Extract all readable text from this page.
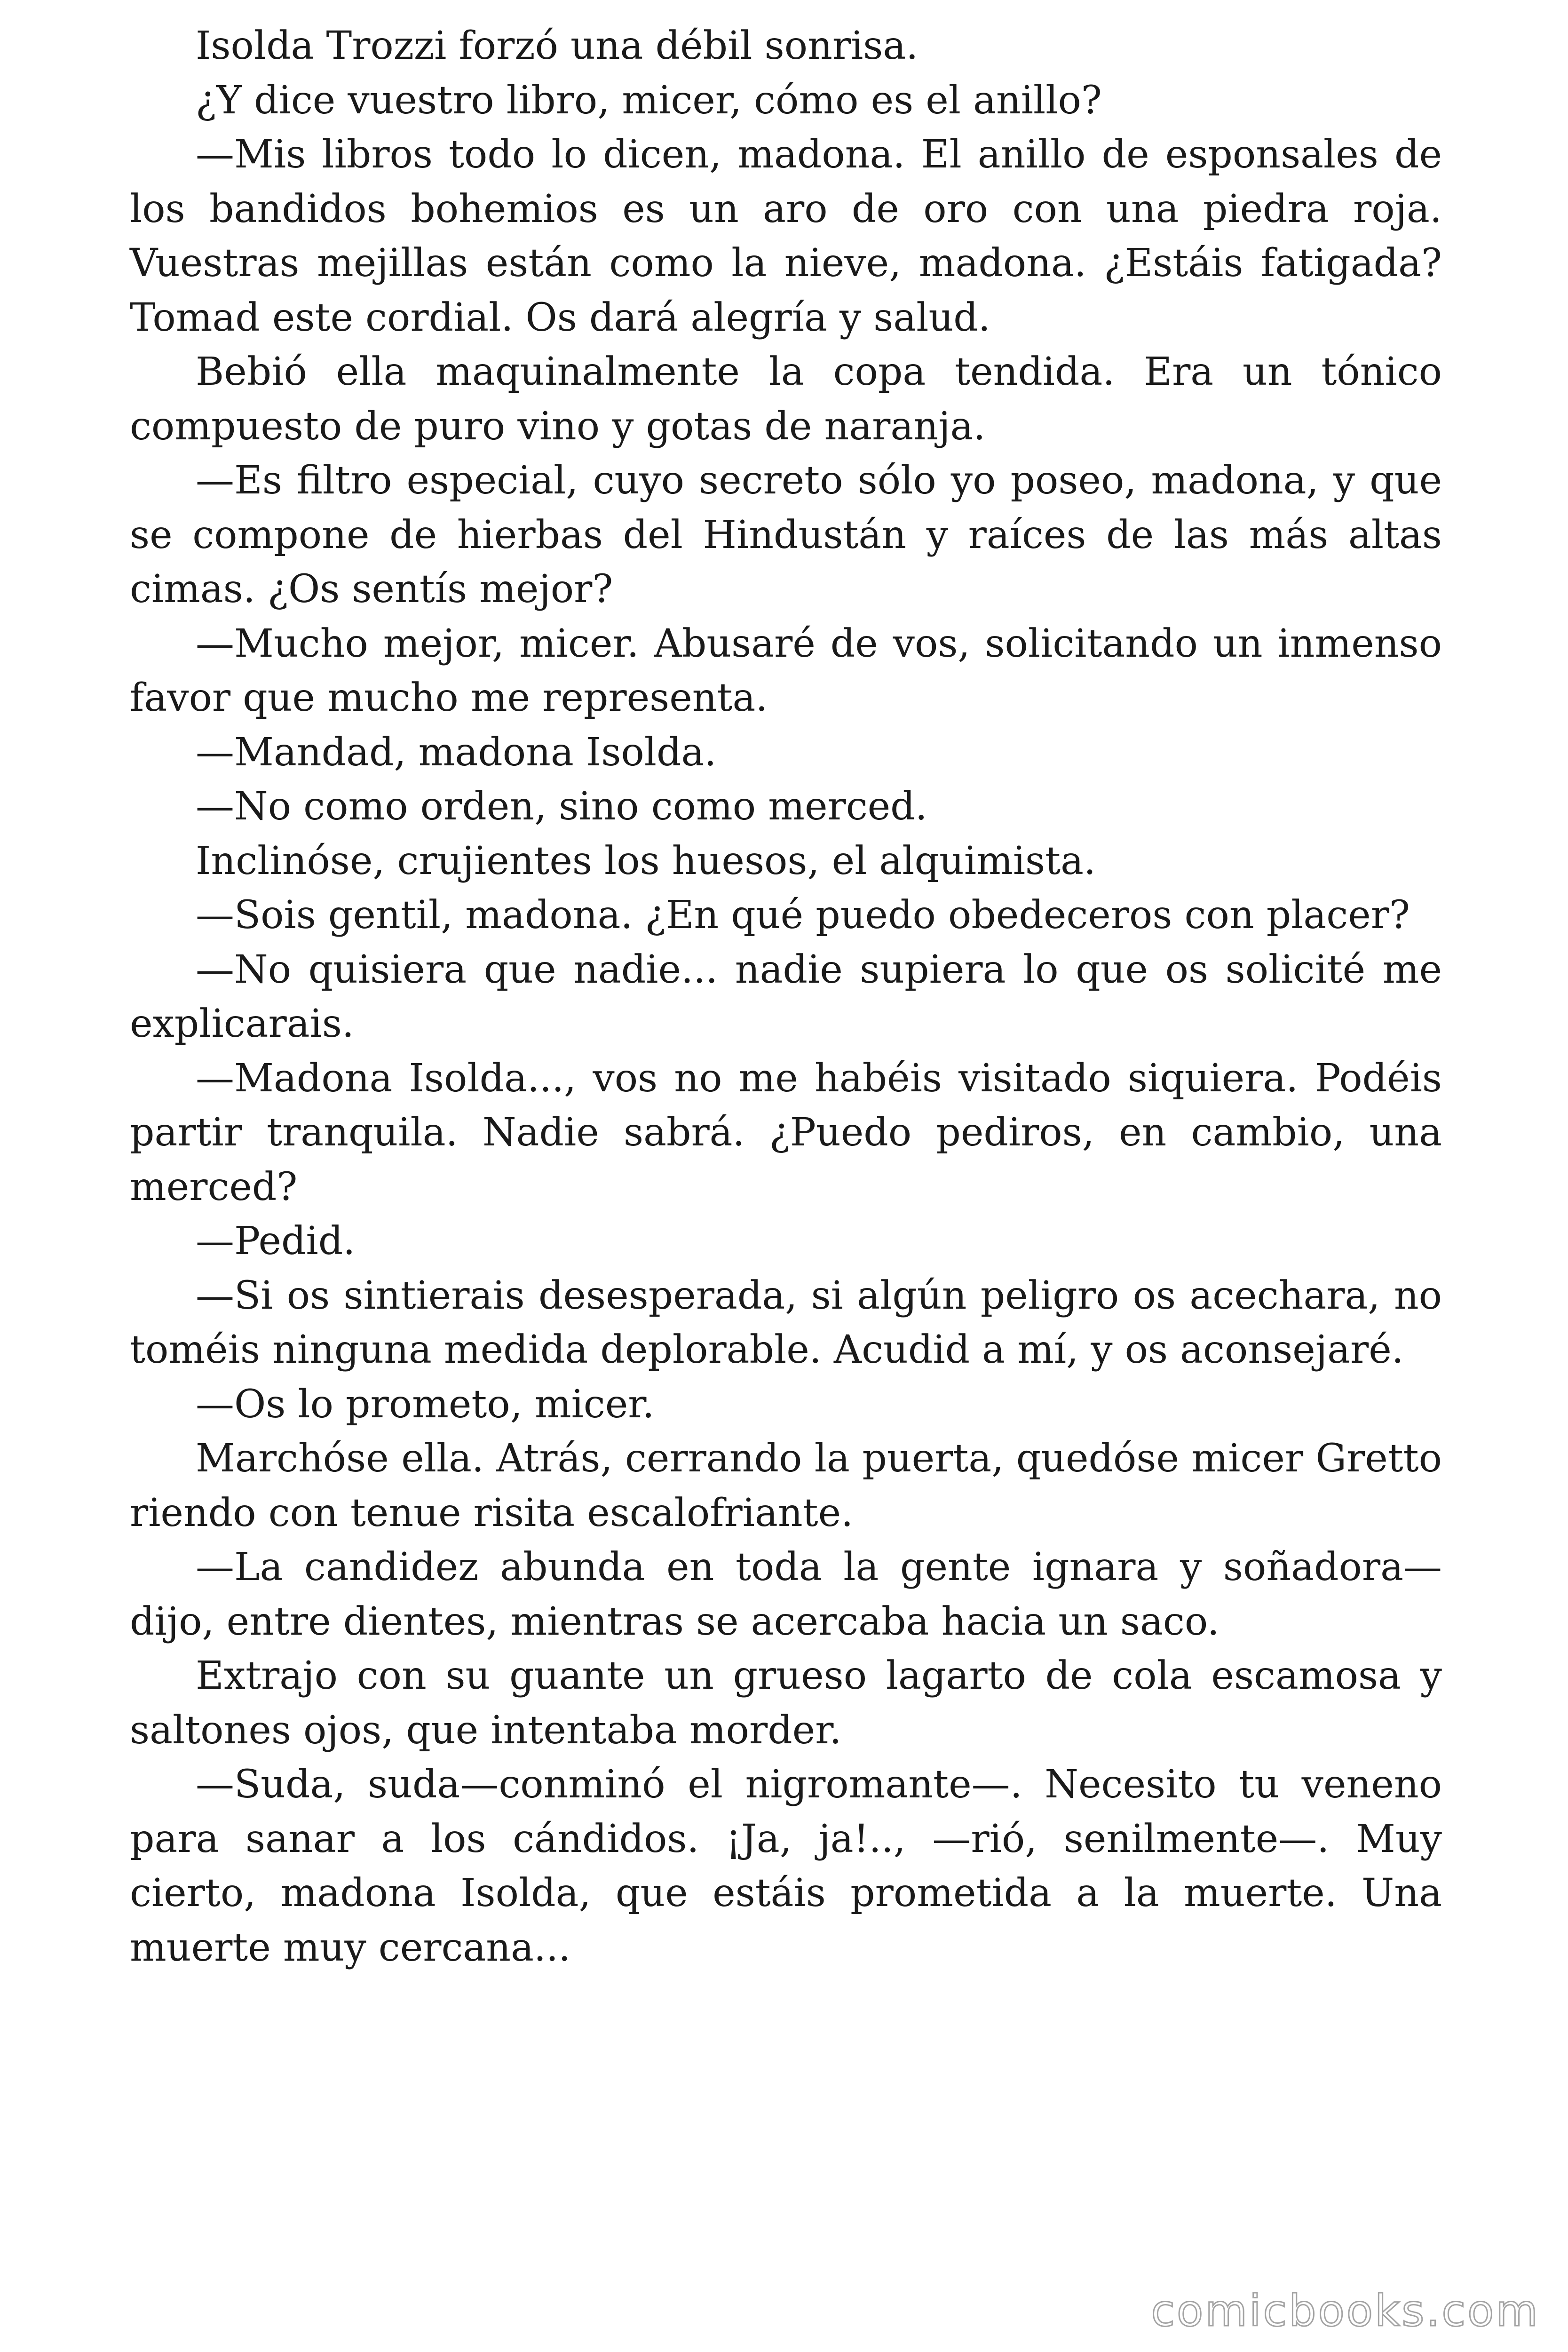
Isolda Trozzi forzó una débil sonrisa.

¿Y dice vuestro libro, micer, cómo es el anillo?

—Mis libros todo lo dicen, madona. El anillo de esponsales de los bandidos bohemios es un aro de oro con una piedra roja. Vuestras mejillas están como la nieve, madona. ¿Estáis fatigada? Tomad este cordial. Os dará alegría y salud.

Bebió ella maquinalmente la copa tendida. Era un tónico compuesto de puro vino y gotas de naranja.

—Es filtro especial, cuyo secreto sólo yo poseo, madona, y que se compone de hierbas del Hindustán y raíces de las más altas cimas. ¿Os sentís mejor?

—Mucho mejor, micer. Abusaré de vos, solicitando un inmenso favor que mucho me representa.

—Mandad, madona Isolda.

—No como orden, sino como merced.

Inclinóse, crujientes los huesos, el alquimista.

—Sois gentil, madona. ¿En qué puedo obedeceros con placer?

—No quisiera que nadie... nadie supiera lo que os solicité me explicarais.

—Madona Isolda..., vos no me habéis visitado siquiera. Podéis partir tranquila. Nadie sabrá. ¿Puedo pediros, en cambio, una merced?

—Pedid.

—Si os sintierais desesperada, si algún peligro os acechara, no toméis ninguna medida deplorable. Acudid a mí, y os aconsejaré.

—Os lo prometo, micer.

Marchóse ella. Atrás, cerrando la puerta, quedóse micer Gretto riendo con tenue risita escalofriante.

—La candidez abunda en toda la gente ignara y soñadora—dijo, entre dientes, mientras se acercaba hacia un saco.

Extrajo con su guante un grueso lagarto de cola escamosa y saltones ojos, que intentaba morder.

—Suda, suda—conminó el nigromante—. Necesito tu veneno para sanar a los cándidos. ¡Ja, ja!.., —rió, senilmente—. Muy cierto, madona Isolda, que estáis prometida a la muerte. Una muerte muy cercana...

comicbooks.com
